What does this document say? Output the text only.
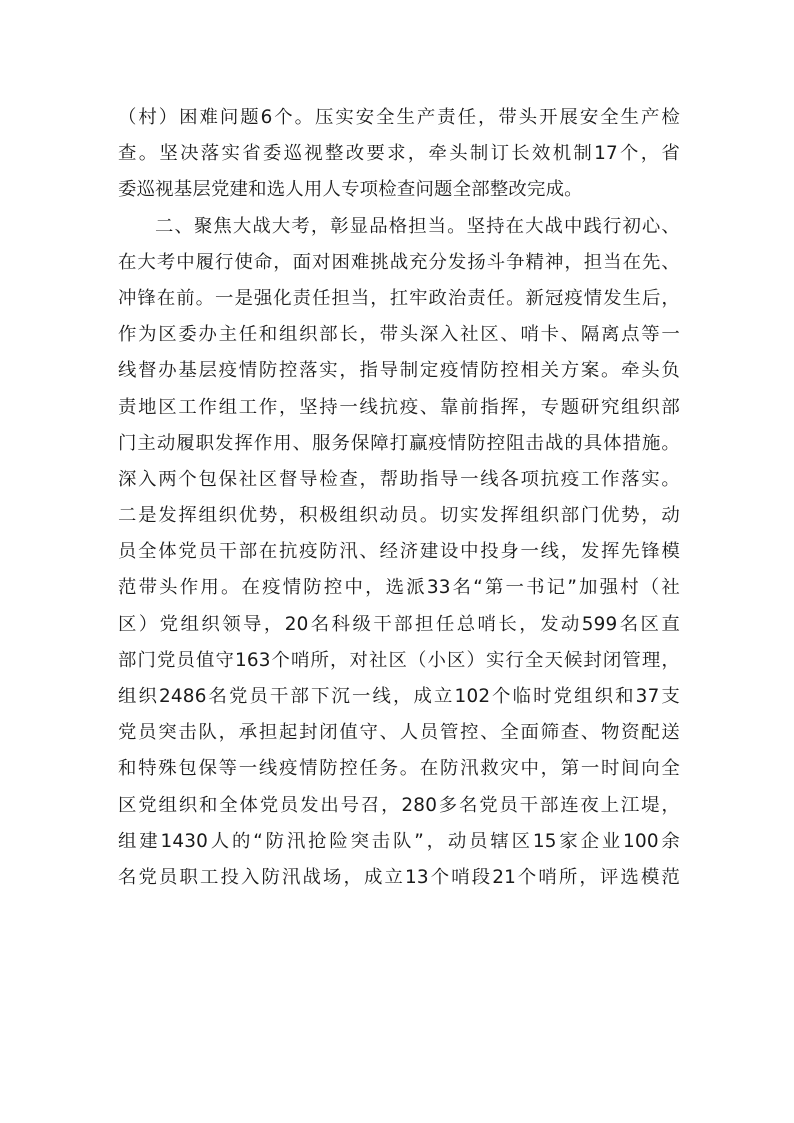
（村）困难问题6个。压实安全生产责任，带头开展安全生产检
查。坚决落实省委巡视整改要求，牵头制订长效机制17个，省
委巡视基层党建和选人用人专项检查问题全部整改完成。
二、聚焦大战大考，彰显品格担当。坚持在大战中践行初心、
在大考中履行使命，面对困难挑战充分发扬斗争精神，担当在先、
冲锋在前。一是强化责任担当，扛牢政治责任。新冠疫情发生后，
作为区委办主任和组织部长，带头深入社区、哨卡、隔离点等一
线督办基层疫情防控落实，指导制定疫情防控相关方案。牵头负
责地区工作组工作，坚持一线抗疫、靠前指挥，专题研究组织部
门主动履职发挥作用、服务保障打赢疫情防控阻击战的具体措施。
深入两个包保社区督导检查，帮助指导一线各项抗疫工作落实。
二是发挥组织优势，积极组织动员。切实发挥组织部门优势，动
员全体党员干部在抗疫防汛、经济建设中投身一线，发挥先锋模
范带头作用。在疫情防控中，选派33名“第一书记”加强村（社
区）党组织领导，20名科级干部担任总哨长，发动599名区直
部门党员值守163个哨所，对社区（小区）实行全天候封闭管理，
组织2486名党员干部下沉一线，成立102个临时党组织和37支
党员突击队，承担起封闭值守、人员管控、全面筛查、物资配送
和特殊包保等一线疫情防控任务。在防汛救灾中，第一时间向全
区党组织和全体党员发出号召，280多名党员干部连夜上江堤，
组建1430人的“防汛抢险突击队”，动员辖区15家企业100余
名党员职工投入防汛战场，成立13个哨段21个哨所，评选模范
